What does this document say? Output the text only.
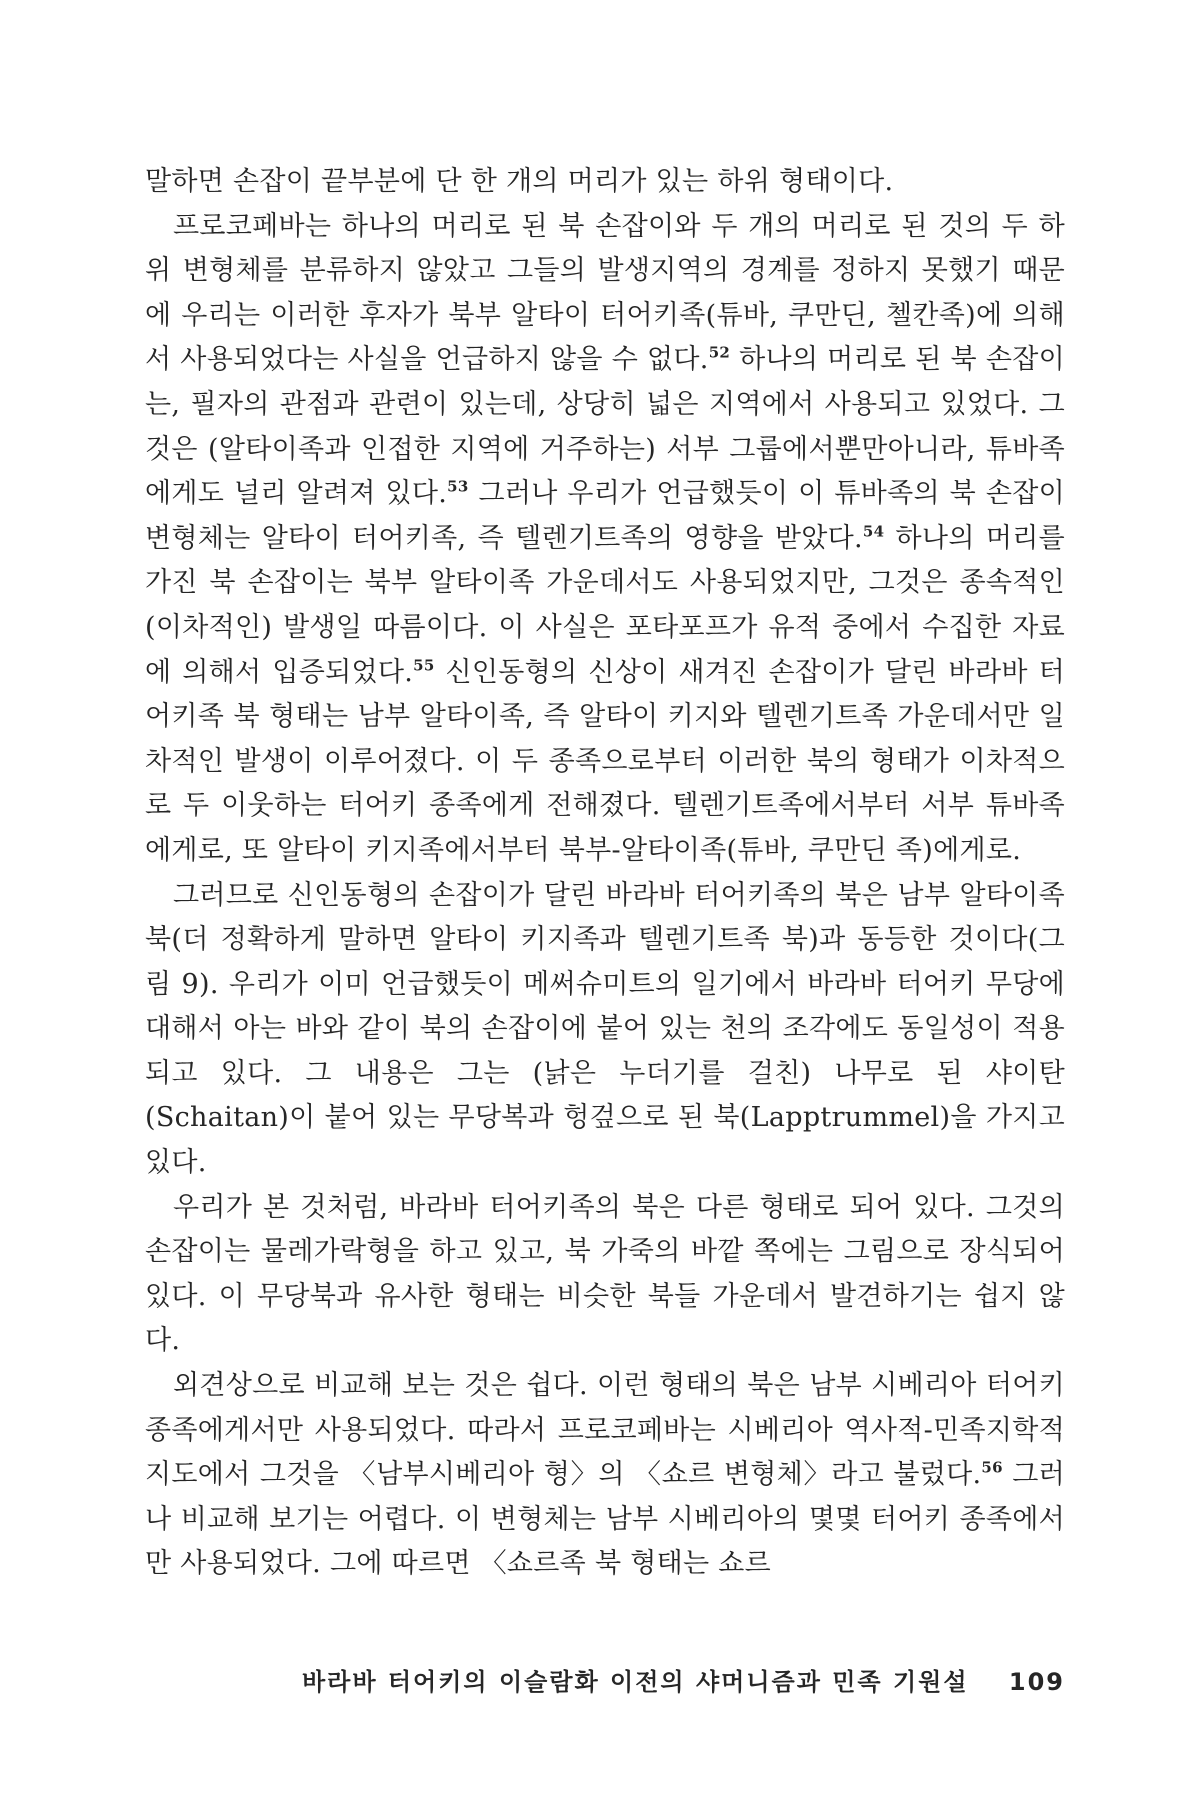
말하면 손잡이 끝부분에 단 한 개의 머리가 있는 하위 형태이다.

프로코페바는 하나의 머리로 된 북 손잡이와 두 개의 머리로 된 것의 두 하위 변형체를 분류하지 않았고 그들의 발생지역의 경계를 정하지 못했기 때문에 우리는 이러한 후자가 북부 알타이 터어키족(튜바, 쿠만딘, 첼칸족)에 의해서 사용되었다는 사실을 언급하지 않을 수 없다.$^{52}$ 하나의 머리로 된 북 손잡이는, 필자의 관점과 관련이 있는데, 상당히 넓은 지역에서 사용되고 있었다. 그것은 (알타이족과 인접한 지역에 거주하는) 서부 그룹에서뿐만아니라, 튜바족에게도 널리 알려져 있다.$^{53}$ 그러나 우리가 언급했듯이 이 튜바족의 북 손잡이 변형체는 알타이 터어키족, 즉 텔렌기트족의 영향을 받았다.$^{54}$ 하나의 머리를 가진 북 손잡이는 북부 알타이족 가운데서도 사용되었지만, 그것은 종속적인(이차적인) 발생일 따름이다. 이 사실은 포타포프가 유적 중에서 수집한 자료에 의해서 입증되었다.$^{55}$ 신인동형의 신상이 새겨진 손잡이가 달린 바라바 터어키족 북 형태는 남부 알타이족, 즉 알타이 키지와 텔렌기트족 가운데서만 일차적인 발생이 이루어졌다. 이 두 종족으로부터 이러한 북의 형태가 이차적으로 두 이웃하는 터어키 종족에게 전해졌다. 텔렌기트족에서부터 서부 튜바족에게로, 또 알타이 키지족에서부터 북부-알타이족(튜바, 쿠만딘 족)에게로.

그러므로 신인동형의 손잡이가 달린 바라바 터어키족의 북은 남부 알타이족 북(더 정확하게 말하면 알타이 키지족과 텔렌기트족 북)과 동등한 것이다(그림 9). 우리가 이미 언급했듯이 메써슈미트의 일기에서 바라바 터어키 무당에 대해서 아는 바와 같이 북의 손잡이에 붙어 있는 천의 조각에도 동일성이 적용되고 있다. 그 내용은 그는 (낡은 누더기를 걸친) 나무로 된 샤이탄(Schaitan)이 붙어 있는 무당복과 헝겊으로 된 북(Lapptrummel)을 가지고 있다.

우리가 본 것처럼, 바라바 터어키족의 북은 다른 형태로 되어 있다. 그것의 손잡이는 물레가락형을 하고 있고, 북 가죽의 바깥 쪽에는 그림으로 장식되어 있다. 이 무당북과 유사한 형태는 비슷한 북들 가운데서 발견하기는 쉽지 않다.

외견상으로 비교해 보는 것은 쉽다. 이런 형태의 북은 남부 시베리아 터어키 종족에게서만 사용되었다. 따라서 프로코페바는 시베리아 역사적-민족지학적 지도에서 그것을 〈남부시베리아 형〉의 〈쇼르 변형체〉라고 불렀다.$^{56}$ 그러나 비교해 보기는 어렵다. 이 변형체는 남부 시베리아의 몇몇 터어키 종족에서만 사용되었다. 그에 따르면 〈쇼르족 북 형태는 쇼르

바라바 터어키의 이슬람화 이전의 샤머니즘과 민족 기원설 109
